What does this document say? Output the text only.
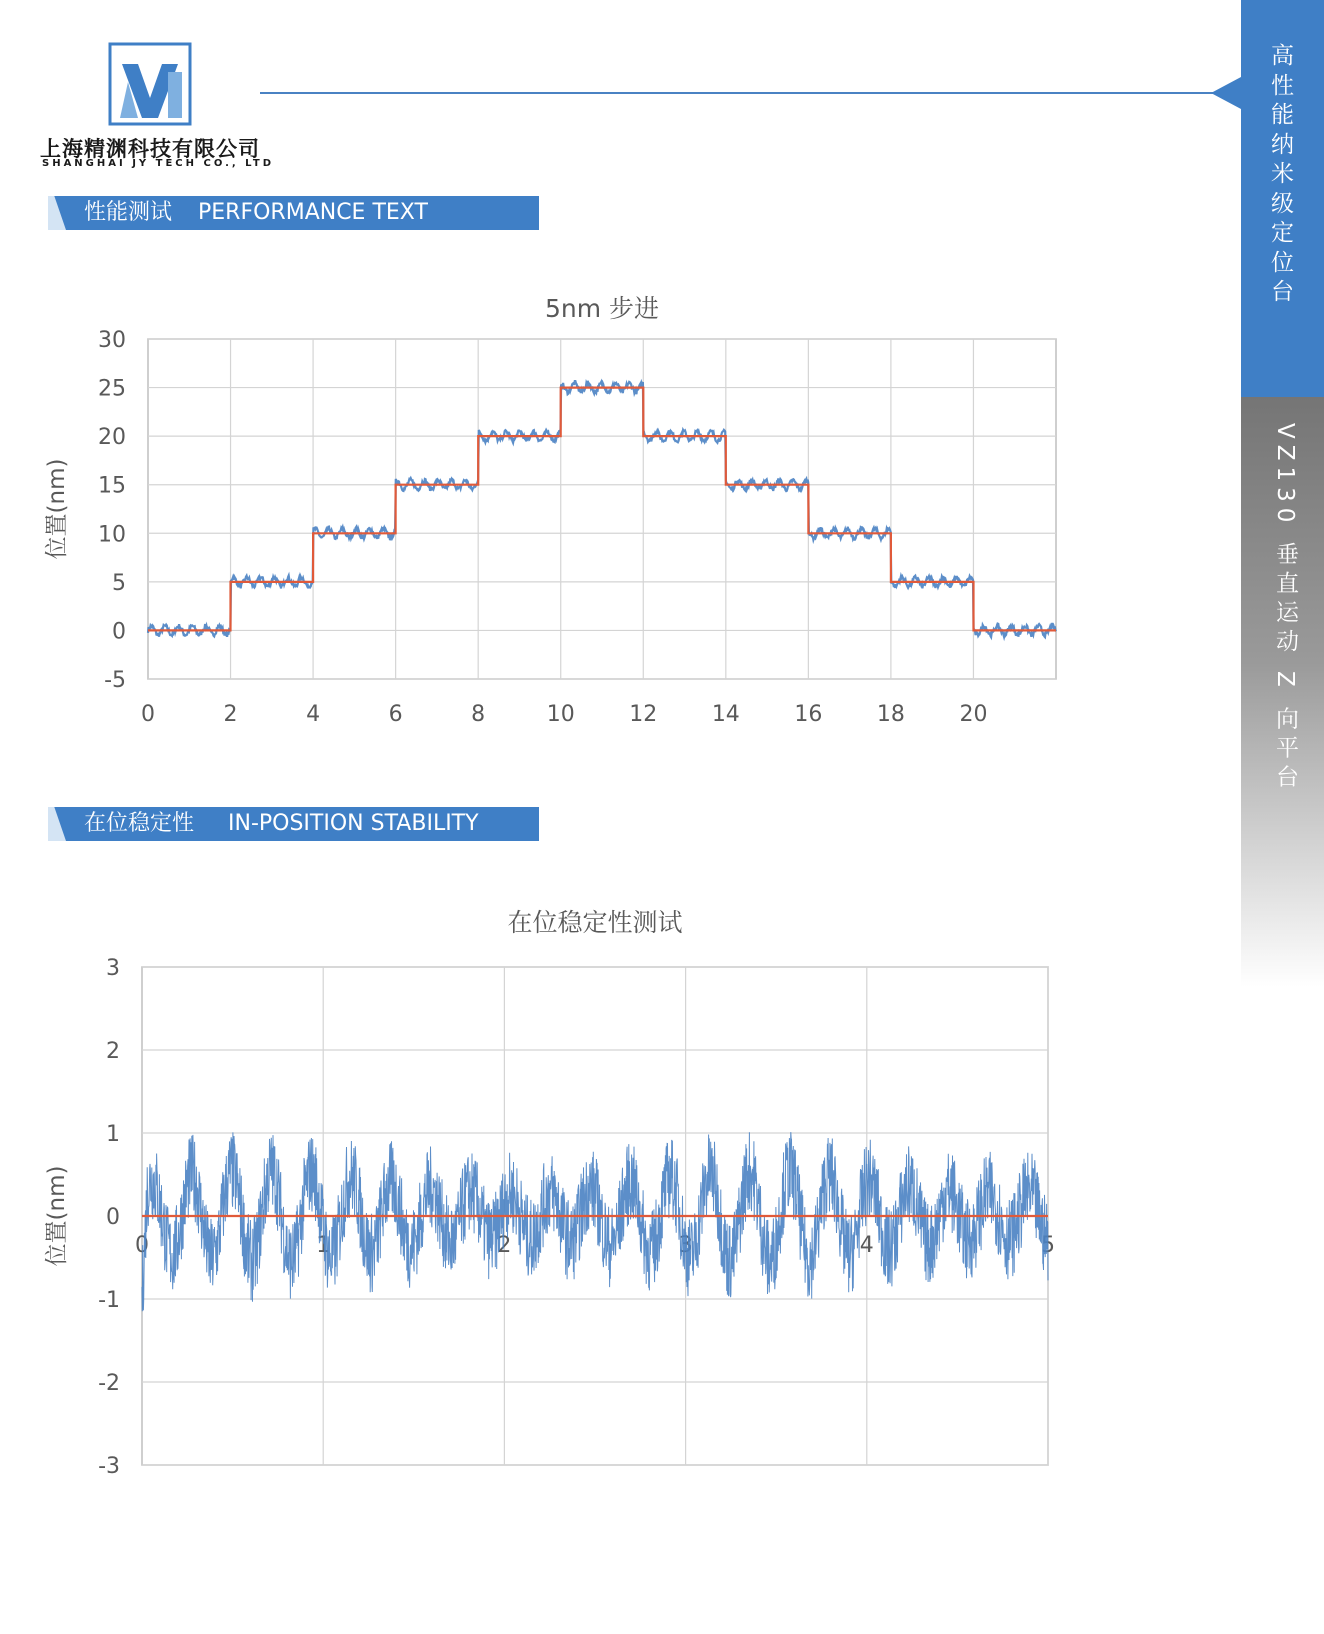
上海精渊科技有限公司
SHANGHAI JY TECH CO., LTD
高
性
能
纳
米
级
定
位
台
VZ130 垂直运动 Z 向平台
性能测试 PERFORMANCE TEXT
30
25
20
15
10
5
0
-5
0	2	4	6	8	10 12 14 16 18 20
5nm 步进
位置(nm)
在位稳定性 IN-POSITION STABILITY
3
2
1
0
-1
-2
-3
0	1	2	3	4	5
在位稳定性测试
位置(nm)
